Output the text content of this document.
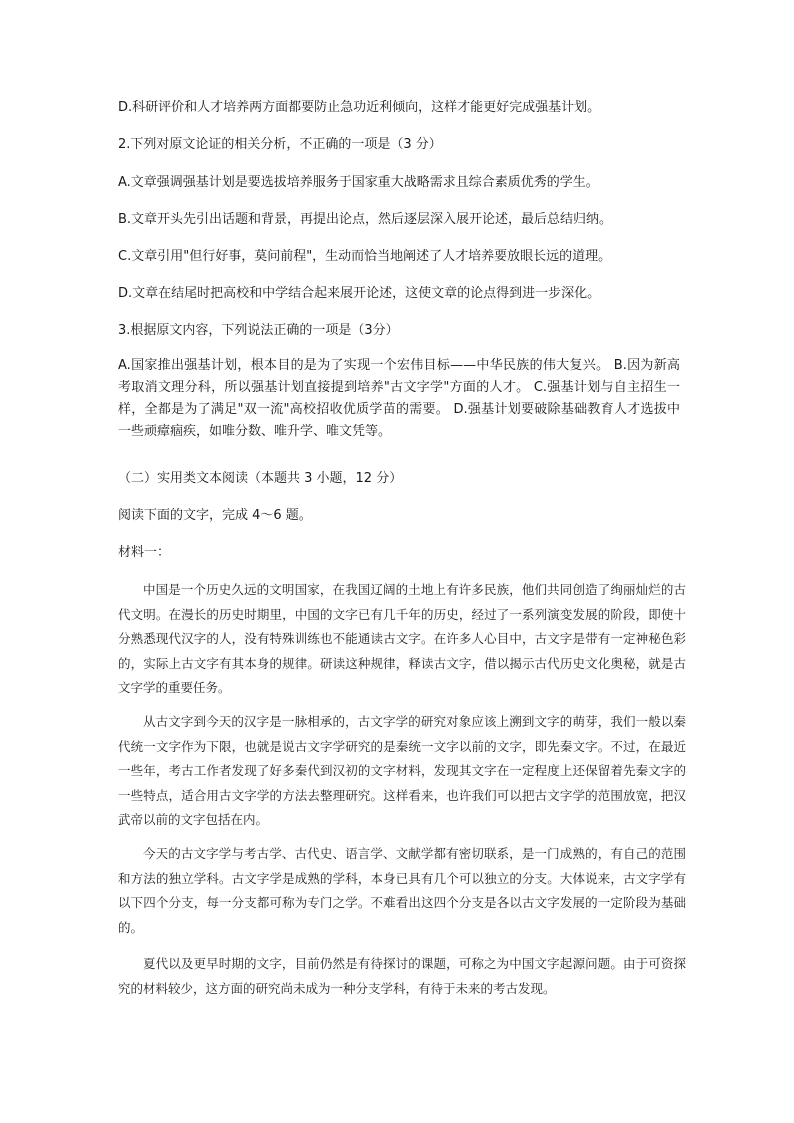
D.科研评价和人才培养两方面都要防止急功近利倾向，这样才能更好完成强基计划。
2.下列对原文论证的相关分析，不正确的一项是（3 分）
A.文章强调强基计划是要选拔培养服务于国家重大战略需求且综合素质优秀的学生。
B.文章开头先引出话题和背景，再提出论点，然后逐层深入展开论述，最后总结归纳。
C.文章引用"但行好事，莫问前程"，生动而恰当地阐述了人才培养要放眼长远的道理。
D.文章在结尾时把高校和中学结合起来展开论述，这使文章的论点得到进一步深化。
3.根据原文内容，下列说法正确的一项是（3分）

A.国家推出强基计划，根本目的是为了实现一个宏伟目标——中华民族的伟大复兴。 B.因为新高考取消文理分科，所以强基计划直接提到培养"古文字学"方面的人才。 C.强基计划与自主招生一样，全都是为了满足"双一流"高校招收优质学苗的需要。 D.强基计划要破除基础教育人才选拔中一些顽瘴痼疾，如唯分数、唯升学、唯文凭等。

（二）实用类文本阅读（本题共 3 小题，12 分）
阅读下面的文字，完成 4～6 题。
材料一：

中国是一个历史久远的文明国家，在我国辽阔的土地上有许多民族，他们共同创造了绚丽灿烂的古代文明。在漫长的历史时期里，中国的文字已有几千年的历史，经过了一系列演变发展的阶段，即使十分熟悉现代汉字的人，没有特殊训练也不能通读古文字。在许多人心目中，古文字是带有一定神秘色彩的，实际上古文字有其本身的规律。研读这种规律，释读古文字，借以揭示古代历史文化奥秘，就是古文字学的重要任务。

从古文字到今天的汉字是一脉相承的，古文字学的研究对象应该上溯到文字的萌芽，我们一般以秦代统一文字作为下限，也就是说古文字学研究的是秦统一文字以前的文字，即先秦文字。不过，在最近一些年，考古工作者发现了好多秦代到汉初的文字材料，发现其文字在一定程度上还保留着先秦文字的一些特点，适合用古文字学的方法去整理研究。这样看来，也许我们可以把古文字学的范围放宽，把汉武帝以前的文字包括在内。

今天的古文字学与考古学、古代史、语言学、文献学都有密切联系，是一门成熟的，有自己的范围和方法的独立学科。古文字学是成熟的学科，本身已具有几个可以独立的分支。大体说来，古文字学有以下四个分支，每一分支都可称为专门之学。不难看出这四个分支是各以古文字发展的一定阶段为基础的。

夏代以及更早时期的文字，目前仍然是有待探讨的课题，可称之为中国文字起源问题。由于可资探究的材料较少，这方面的研究尚未成为一种分支学科，有待于未来的考古发现。
